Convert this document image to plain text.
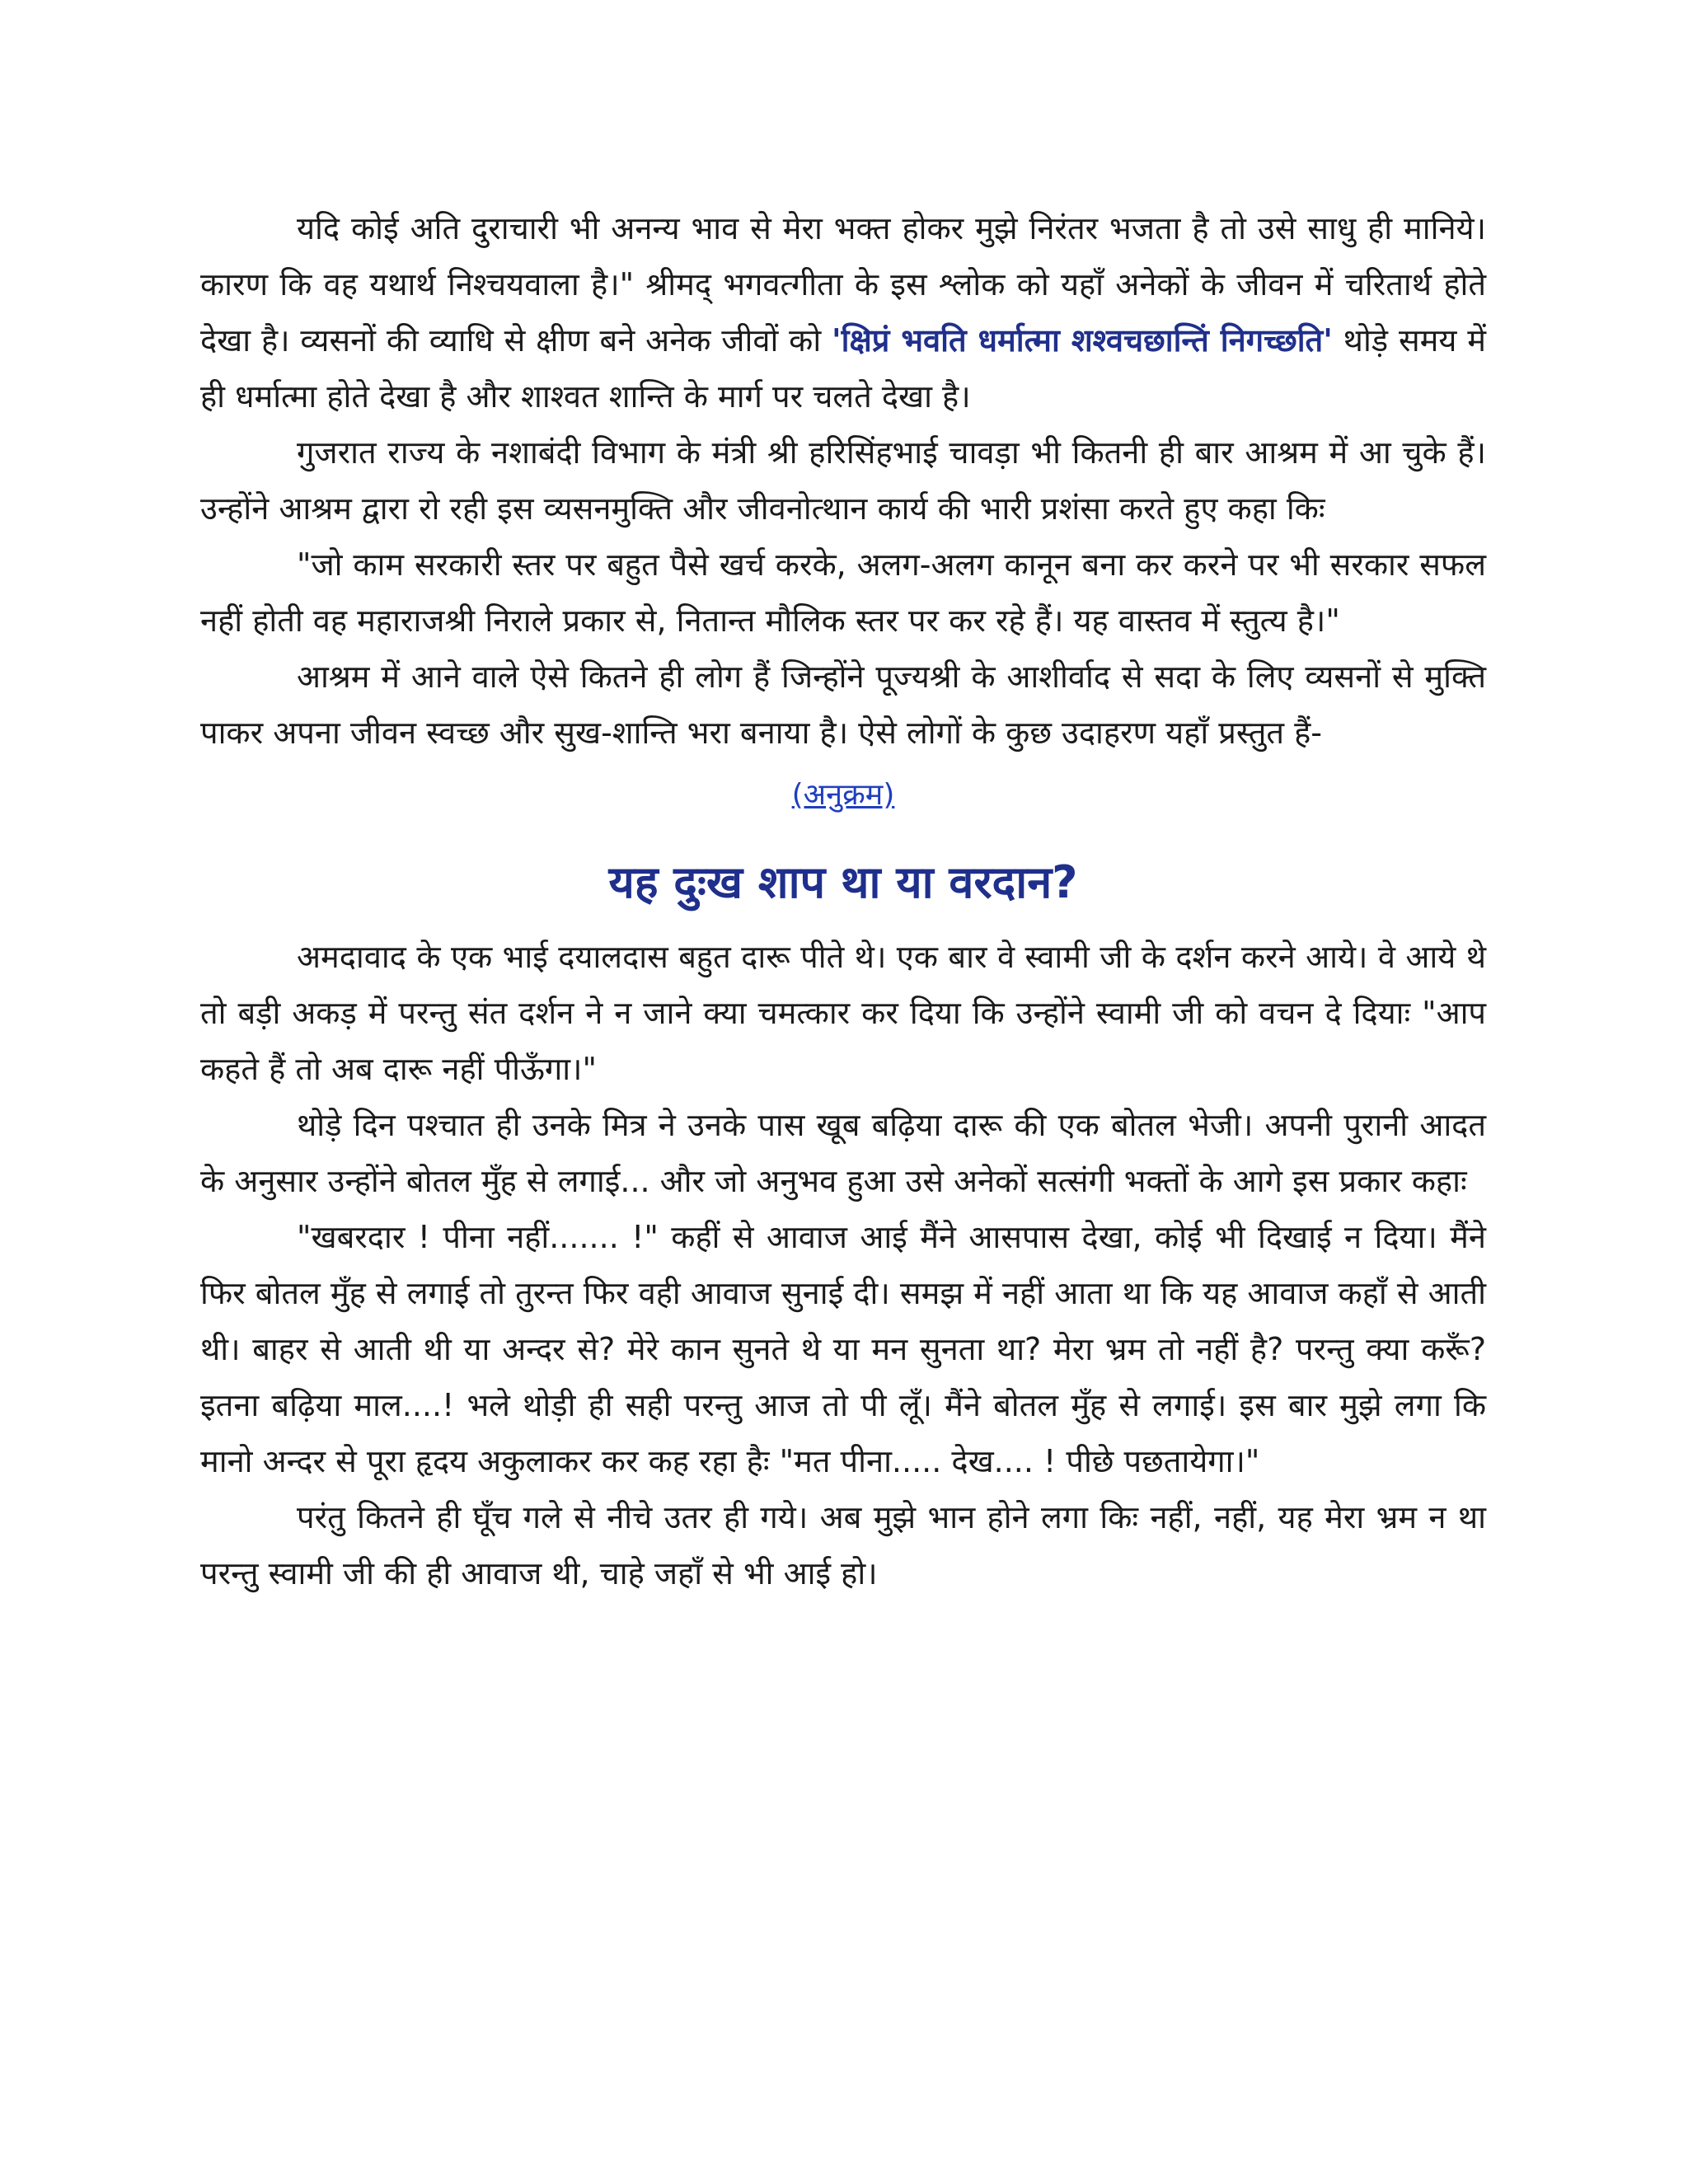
यदि कोई अति दुराचारी भी अनन्य भाव से मेरा भक्त होकर मुझे निरंतर भजता है तो उसे साधु ही मानिये। कारण कि वह यथार्थ निश्चयवाला है।" श्रीमद् भगवत्गीता के इस श्लोक को यहाँ अनेकों के जीवन में चरितार्थ होते देखा है। व्यसनों की व्याधि से क्षीण बने अनेक जीवों को 'क्षिप्रं भवति धर्मात्मा शश्वचछान्तिं निगच्छति' थोड़े समय में ही धर्मात्मा होते देखा है और शाश्वत शान्ति के मार्ग पर चलते देखा है।

गुजरात राज्य के नशाबंदी विभाग के मंत्री श्री हरिसिंहभाई चावड़ा भी कितनी ही बार आश्रम में आ चुके हैं। उन्होंने आश्रम द्वारा रो रही इस व्यसनमुक्ति और जीवनोत्थान कार्य की भारी प्रशंसा करते हुए कहा किः

"जो काम सरकारी स्तर पर बहुत पैसे खर्च करके, अलग-अलग कानून बना कर करने पर भी सरकार सफल नहीं होती वह महाराजश्री निराले प्रकार से, नितान्त मौलिक स्तर पर कर रहे हैं। यह वास्तव में स्तुत्य है।"

आश्रम में आने वाले ऐसे कितने ही लोग हैं जिन्होंने पूज्यश्री के आशीर्वाद से सदा के लिए व्यसनों से मुक्ति पाकर अपना जीवन स्वच्छ और सुख-शान्ति भरा बनाया है। ऐसे लोगों के कुछ उदाहरण यहाँ प्रस्तुत हैं-

(अनुक्रम)
यह दुःख शाप था या वरदान?

अमदावाद के एक भाई दयालदास बहुत दारू पीते थे। एक बार वे स्वामी जी के दर्शन करने आये। वे आये थे तो बड़ी अकड़ में परन्तु संत दर्शन ने न जाने क्या चमत्कार कर दिया कि उन्होंने स्वामी जी को वचन दे दियाः "आप कहते हैं तो अब दारू नहीं पीऊँगा।"

थोड़े दिन पश्चात ही उनके मित्र ने उनके पास खूब बढ़िया दारू की एक बोतल भेजी। अपनी पुरानी आदत के अनुसार उन्होंने बोतल मुँह से लगाई... और जो अनुभव हुआ उसे अनेकों सत्संगी भक्तों के आगे इस प्रकार कहाः

"खबरदार ! पीना नहीं....... !" कहीं से आवाज आई मैंने आसपास देखा, कोई भी दिखाई न दिया। मैंने फिर बोतल मुँह से लगाई तो तुरन्त फिर वही आवाज सुनाई दी। समझ में नहीं आता था कि यह आवाज कहाँ से आती थी। बाहर से आती थी या अन्दर से? मेरे कान सुनते थे या मन सुनता था? मेरा भ्रम तो नहीं है? परन्तु क्या करूँ? इतना बढ़िया माल....! भले थोड़ी ही सही परन्तु आज तो पी लूँ। मैंने बोतल मुँह से लगाई। इस बार मुझे लगा कि मानो अन्दर से पूरा हृदय अकुलाकर कर कह रहा हैः "मत पीना..... देख.... ! पीछे पछतायेगा।"

परंतु कितने ही घूँच गले से नीचे उतर ही गये। अब मुझे भान होने लगा किः नहीं, नहीं, यह मेरा भ्रम न था परन्तु स्वामी जी की ही आवाज थी, चाहे जहाँ से भी आई हो।
